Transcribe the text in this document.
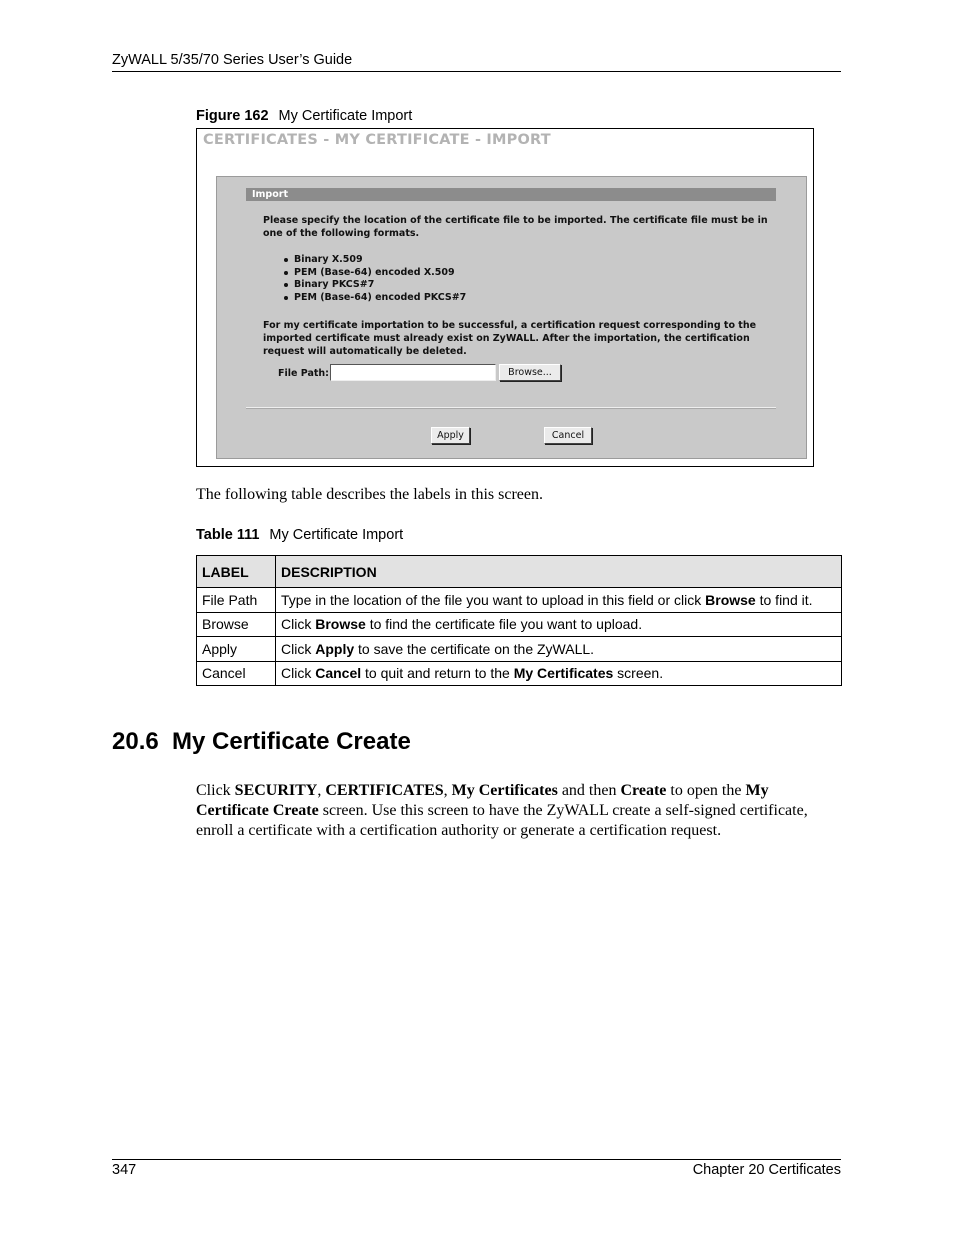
ZyWALL 5/35/70 Series User’s Guide
Figure 162 My Certificate Import
CERTIFICATES - MY CERTIFICATE - IMPORT
Import

Please specify the location of the certificate file to be imported. The certificate file must be in one of the following formats.

Binary X.509
PEM (Base-64) encoded X.509
Binary PKCS#7
PEM (Base-64) encoded PKCS#7

For my certificate importation to be successful, a certification request corresponding to the imported certificate must already exist on ZyWALL. After the importation, the certification request will automatically be deleted.

File Path:	Browse...
Apply	Cancel
The following table describes the labels in this screen.
Table 111 My Certificate Import
LABEL	DESCRIPTION
File Path	Type in the location of the file you want to upload in this field or click Browse to find it.
Browse	Click Browse to find the certificate file you want to upload.
Apply	Click Apply to save the certificate on the ZyWALL.
Cancel	Click Cancel to quit and return to the My Certificates screen.
20.6  My Certificate Create

Click SECURITY, CERTIFICATES, My Certificates and then Create to open the My Certificate Create screen. Use this screen to have the ZyWALL create a self-signed certificate, enroll a certificate with a certification authority or generate a certification request.

347	Chapter 20 Certificates
